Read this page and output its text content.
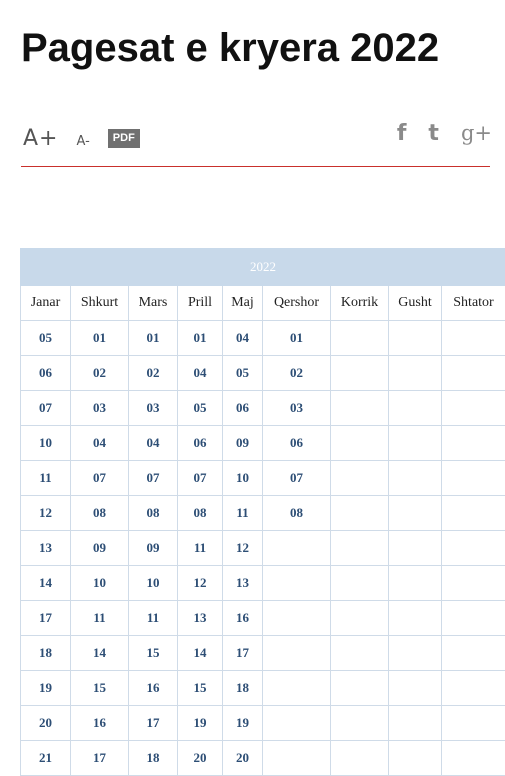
Pagesat e kryera 2022
A+ A-	PDF	f t g+
2022								
Janar	Shkurt	Mars	Prill	Maj	Qershor	Korrik	Gusht	Shtator
05	01	01	01	04	01			
06	02	02	04	05	02			
07	03	03	05	06	03			
10	04	04	06	09	06			
11	07	07	07	10	07			
12	08	08	08	11	08			
13	09	09	11	12				
14	10	10	12	13				
17	11	11	13	16				
18	14	15	14	17				
19	15	16	15	18				
20	16	17	19	19				
21	17	18	20	20				
